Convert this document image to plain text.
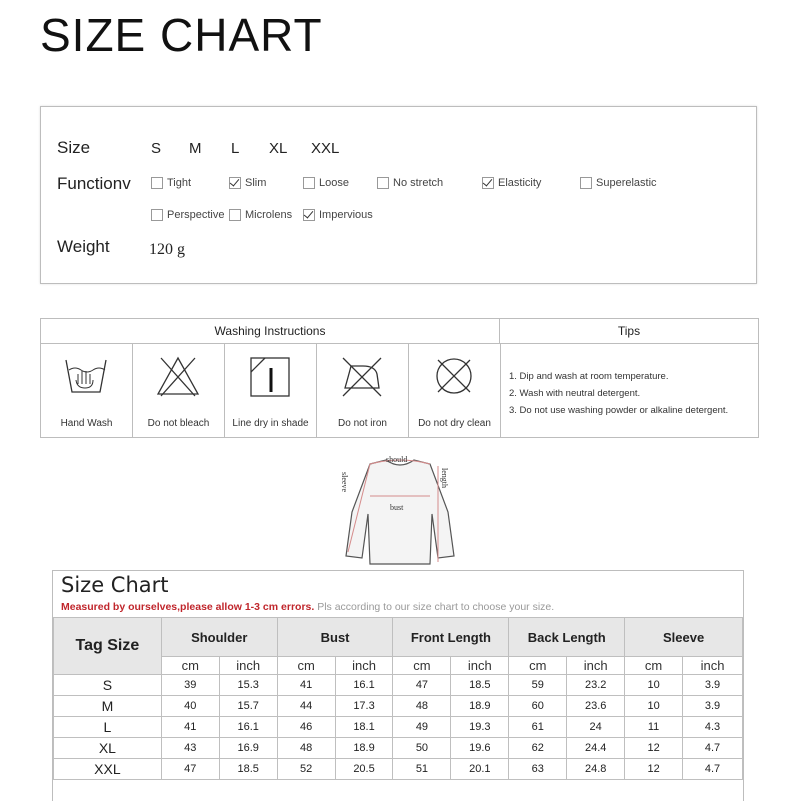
SIZE CHART
Size	S M L XL XXL
Functionv	Tight	Slim	Loose	No stretch	Elasticity	Superelastic
Perspective Microlens Impervious
Weight 120 g
Washing Instructions	Tips
Hand Wash	Do not bleach	Line dry in shade	Do not iron	Do not dry clean
1. Dip and wash at room temperature.
2. Wash with neutral detergent.
3. Do not use washing powder or alkaline detergent.
should
sleeve	length
bust
Size Chart
Measured by ourselves,please allow 1-3 cm errors. Pls according to our size chart to choose your size.
Tag Size	Shoulder		Bust		Front Length		Back Length		Sleeve	
	cm	inch	cm	inch	cm	inch	cm	inch	cm	inch
S	39	15.3	41	16.1	47	18.5	59	23.2	10	3.9
M	40	15.7	44	17.3	48	18.9	60	23.6	10	3.9
L	41	16.1	46	18.1	49	19.3	61	24	11	4.3
XL	43	16.9	48	18.9	50	19.6	62	24.4	12	4.7
XXL	47	18.5	52	20.5	51	20.1	63	24.8	12	4.7
